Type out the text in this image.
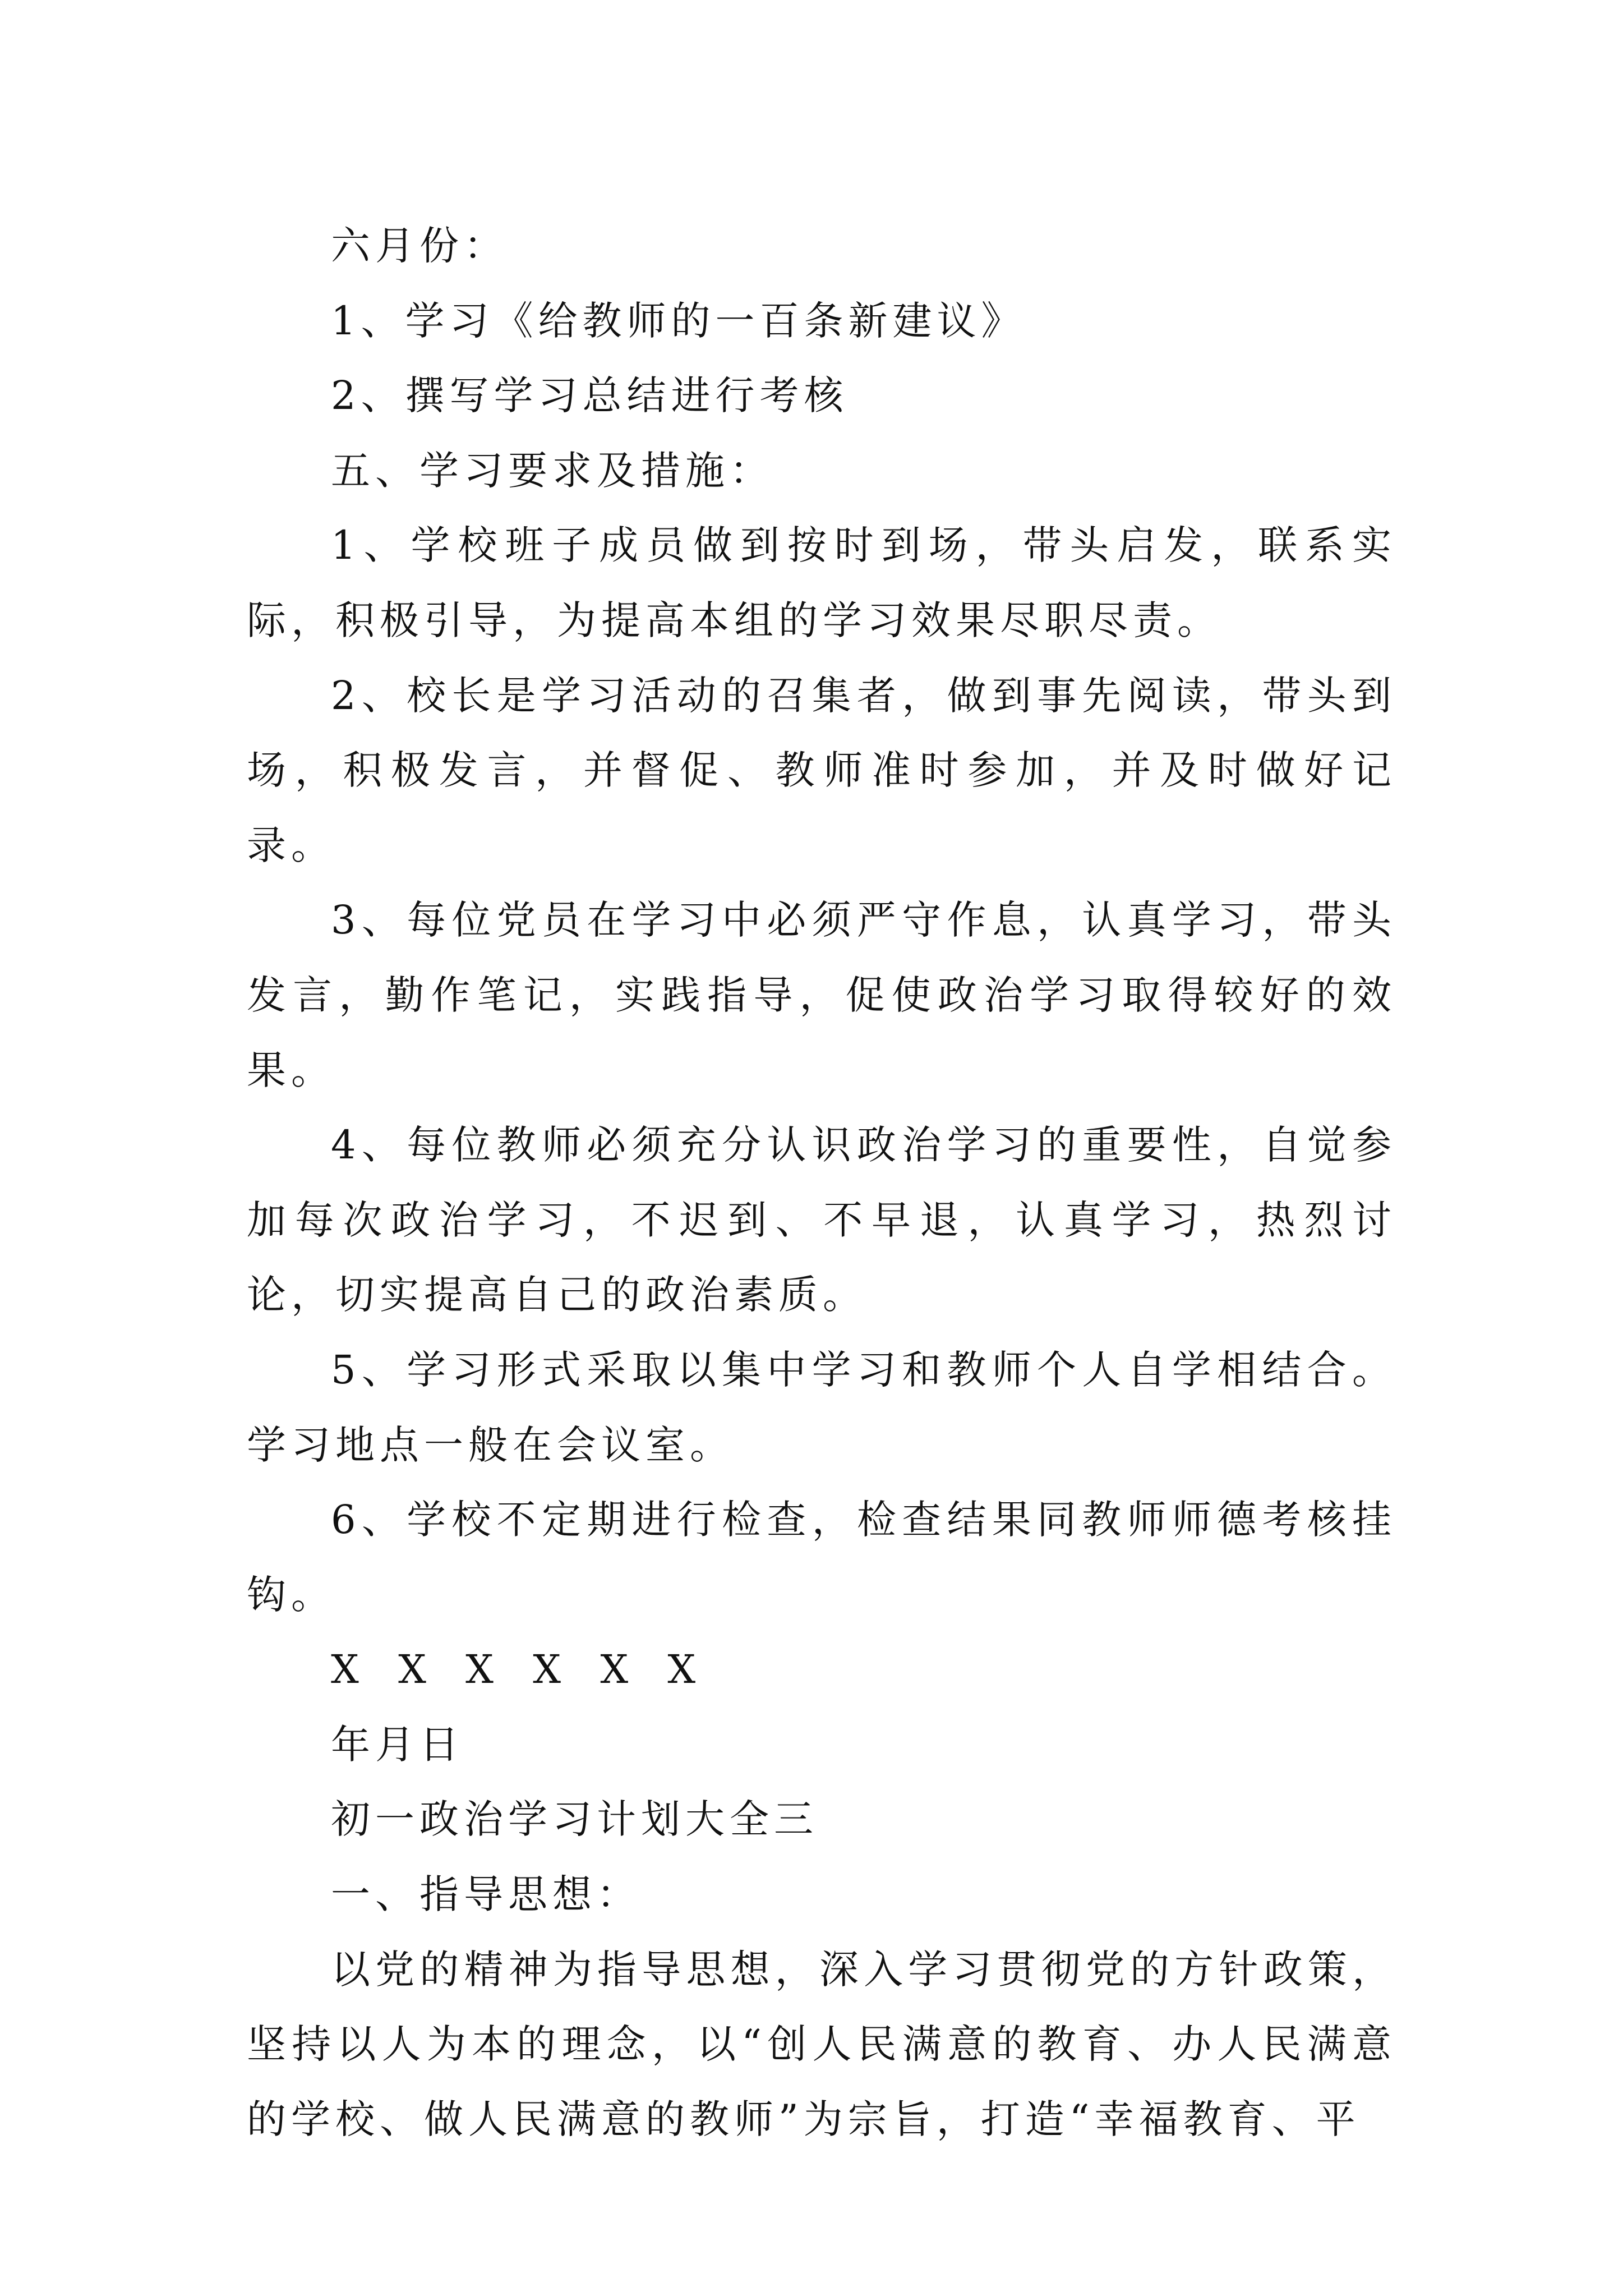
六月份：

1、学习《给教师的一百条新建议》

2、撰写学习总结进行考核

五、学习要求及措施：

1、学校班子成员做到按时到场，带头启发，联系实际，积极引导，为提高本组的学习效果尽职尽责。

2、校长是学习活动的召集者，做到事先阅读，带头到场，积极发言，并督促、教师准时参加，并及时做好记录。

3、每位党员在学习中必须严守作息，认真学习，带头发言，勤作笔记，实践指导，促使政治学习取得较好的效果。

4、每位教师必须充分认识政治学习的重要性，自觉参加每次政治学习，不迟到、不早退，认真学习，热烈讨论，切实提高自己的政治素质。

5、学习形式采取以集中学习和教师个人自学相结合。学习地点一般在会议室。

6、学校不定期进行检查，检查结果同教师师德考核挂钩。

X X X X X X

年月日

初一政治学习计划大全三

一、指导思想：

以党的精神为指导思想，深入学习贯彻党的方针政策，坚持以人为本的理念，以“创人民满意的教育、办人民满意的学校、做人民满意的教师”为宗旨，打造“幸福教育、平
